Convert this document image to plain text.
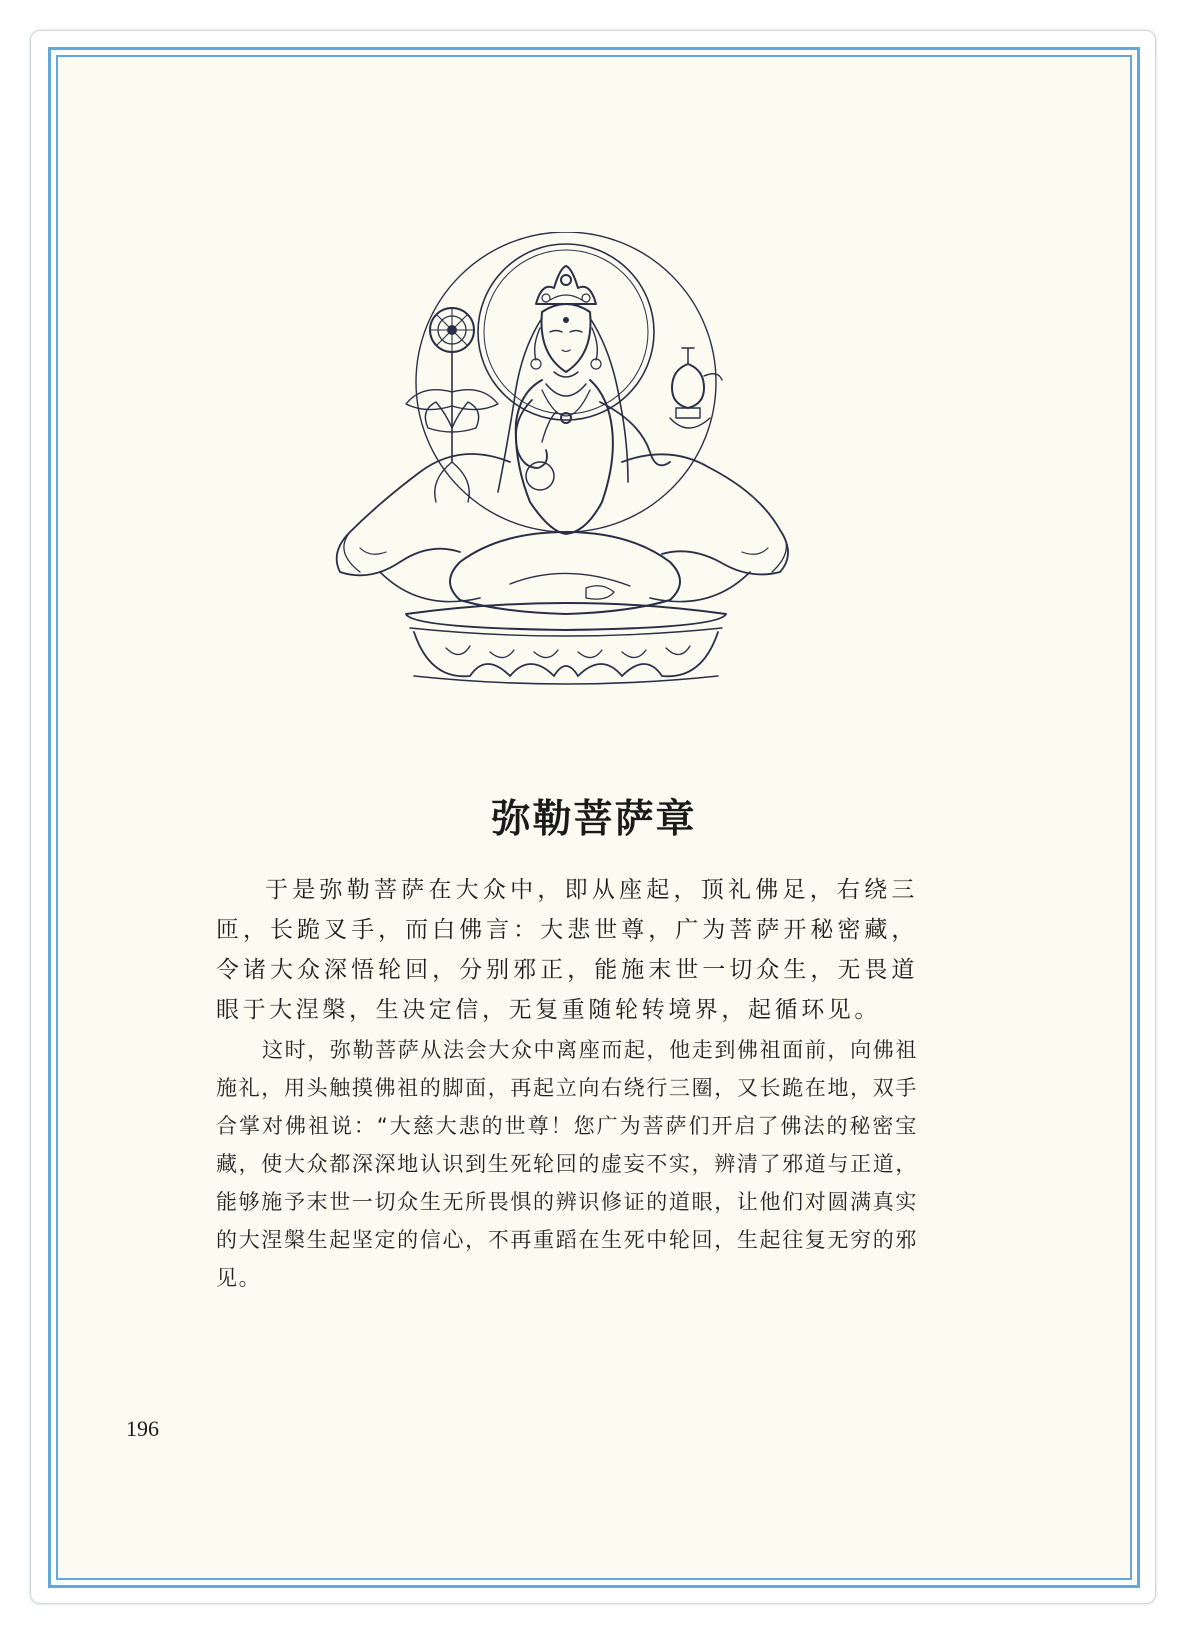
弥勒菩萨章

于是弥勒菩萨在大众中，即从座起，顶礼佛足，右绕三匝，长跪叉手，而白佛言：大悲世尊，广为菩萨开秘密藏，令诸大众深悟轮回，分别邪正，能施末世一切众生，无畏道眼于大涅槃，生决定信，无复重随轮转境界，起循环见。

这时，弥勒菩萨从法会大众中离座而起，他走到佛祖面前，向佛祖施礼，用头触摸佛祖的脚面，再起立向右绕行三圈，又长跪在地，双手合掌对佛祖说：“大慈大悲的世尊！您广为菩萨们开启了佛法的秘密宝藏，使大众都深深地认识到生死轮回的虚妄不实，辨清了邪道与正道，能够施予末世一切众生无所畏惧的辨识修证的道眼，让他们对圆满真实的大涅槃生起坚定的信心，不再重蹈在生死中轮回，生起往复无穷的邪见。

196
